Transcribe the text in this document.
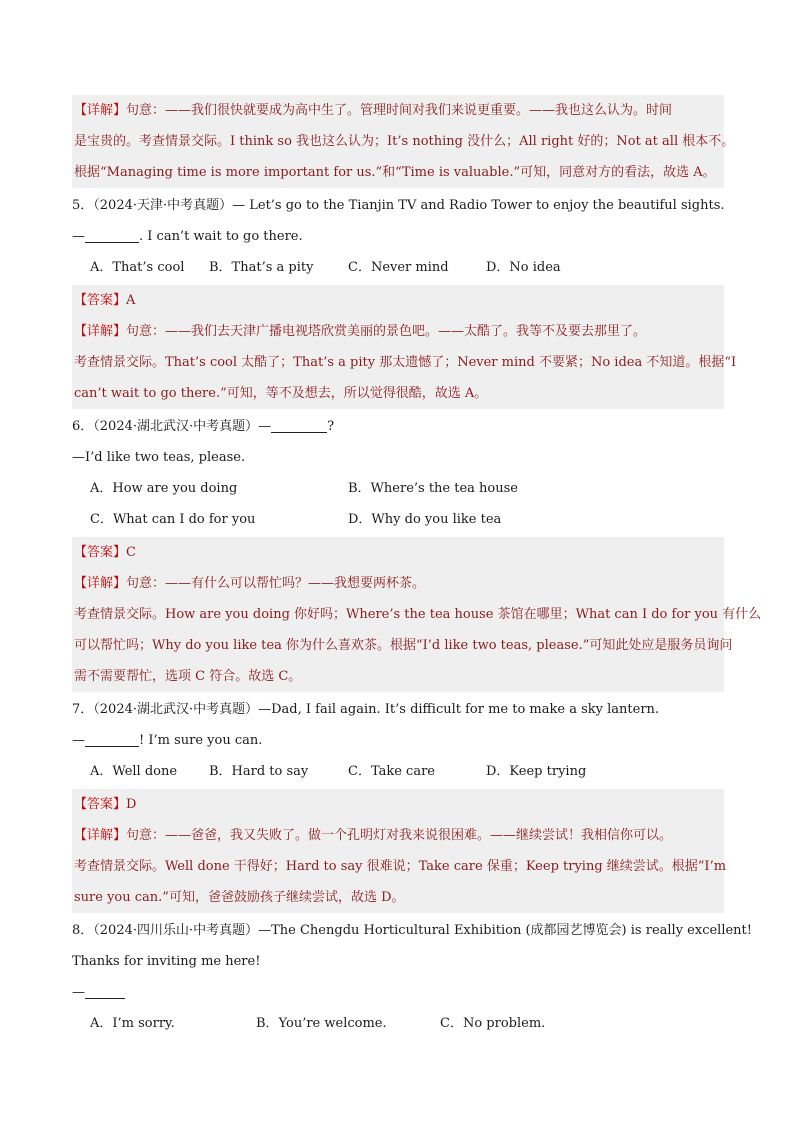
【详解】句意：——我们很快就要成为高中生了。管理时间对我们来说更重要。——我也这么认为。时间
是宝贵的。考查情景交际。I think so 我也这么认为；It’s nothing 没什么；All right 好的；Not at all 根本不。
根据“Managing time is more important for us.”和“Time is valuable.”可知，同意对方的看法，故选 A。
5．（2024·天津·中考真题）— Let’s go to the Tianjin TV and Radio Tower to enjoy the beautiful sights.
—	. I can’t wait to go there.
A．That’s cool B．That’s a pity	C．Never mind	D．No idea
【答案】A
【详解】句意：——我们去天津广播电视塔欣赏美丽的景色吧。——太酷了。我等不及要去那里了。
考查情景交际。That’s cool 太酷了；That’s a pity 那太遗憾了；Never mind 不要紧；No idea 不知道。根据“I
can’t wait to go there.”可知，等不及想去，所以觉得很酷，故选 A。
6．（2024·湖北武汉·中考真题）—	?
—I’d like two teas, please.
A．How are you doing	B．Where’s the tea house
C．What can I do for you	D．Why do you like tea
【答案】C
【详解】句意：——有什么可以帮忙吗？——我想要两杯茶。
考查情景交际。How are you doing 你好吗；Where’s the tea house 茶馆在哪里；What can I do for you 有什么
可以帮忙吗；Why do you like tea 你为什么喜欢茶。根据“I’d like two teas, please.”可知此处应是服务员询问
需不需要帮忙，选项 C 符合。故选 C。
7．（2024·湖北武汉·中考真题）—Dad, I fail again. It’s difficult for me to make a sky lantern.
—	! I’m sure you can.
A．Well done B．Hard to say	C．Take care	D．Keep trying
【答案】D
【详解】句意：——爸爸，我又失败了。做一个孔明灯对我来说很困难。——继续尝试！我相信你可以。
考查情景交际。Well done 干得好；Hard to say 很难说；Take care 保重；Keep trying 继续尝试。根据“I’m
sure you can.”可知，爸爸鼓励孩子继续尝试，故选 D。
8．（2024·四川乐山·中考真题）—The Chengdu Horticultural Exhibition (成都园艺博览会) is really excellent!
Thanks for inviting me here!
—
A．I’m sorry.	B．You’re welcome.	C．No problem.
